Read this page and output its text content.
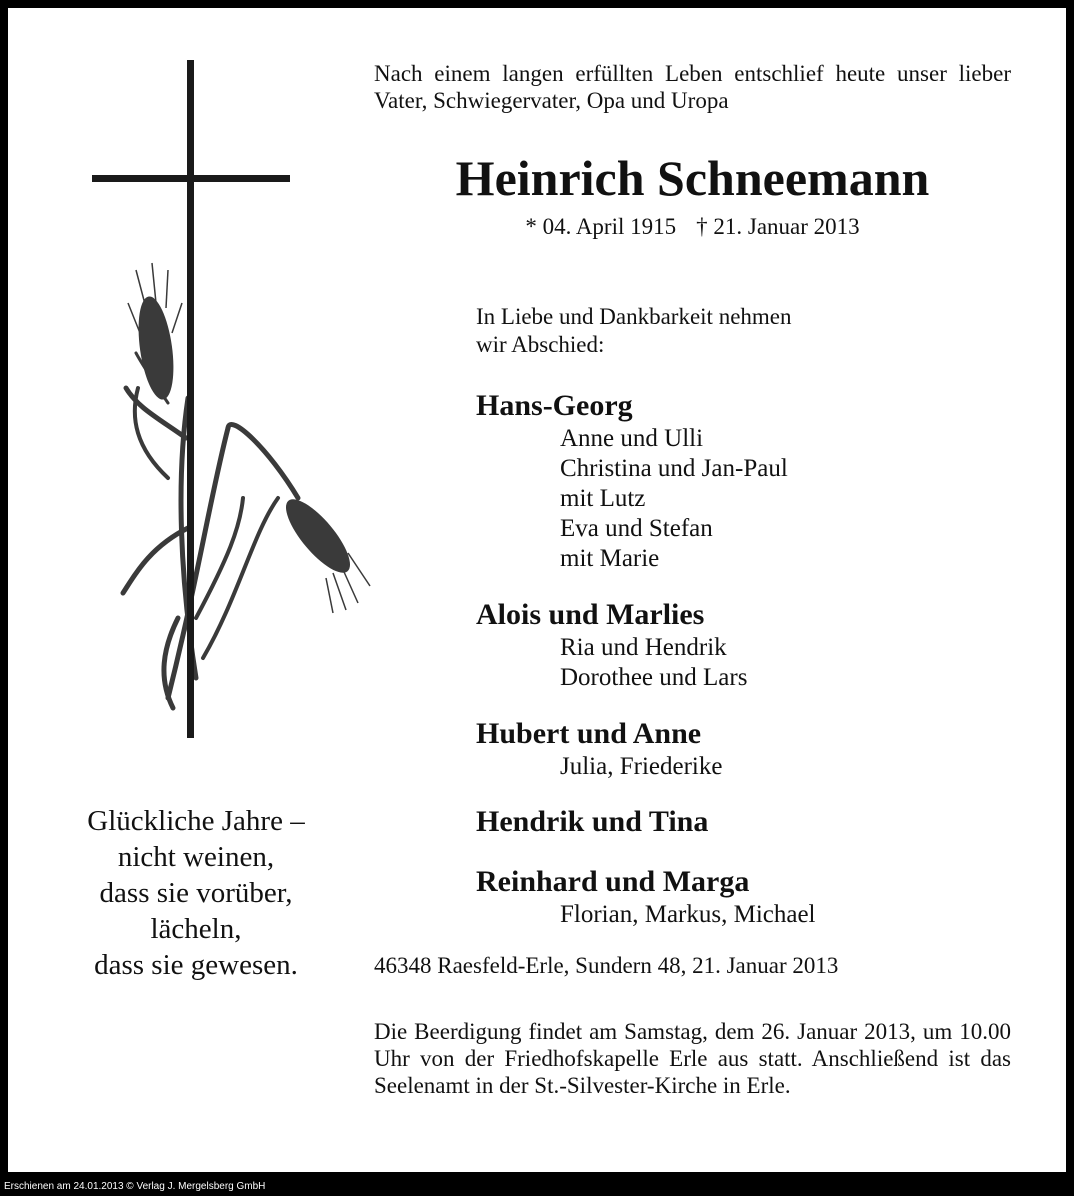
Nach einem langen erfüllten Leben entschlief heute unser lieber Vater, Schwiegervater, Opa und Uropa
Heinrich Schneemann
* 04. April 1915 † 21. Januar 2013
In Liebe und Dankbarkeit nehmen
wir Abschied:
Hans-Georg
Anne und Ulli
Christina und Jan-Paul
mit Lutz
Eva und Stefan
mit Marie
Alois und Marlies
Ria und Hendrik
Dorothee und Lars
Hubert und Anne
Julia, Friederike
Hendrik und Tina
Reinhard und Marga
Florian, Markus, Michael
46348 Raesfeld-Erle, Sundern 48, 21. Januar 2013
Die Beerdigung findet am Samstag, dem 26. Januar 2013, um 10.00 Uhr von der Friedhofskapelle Erle aus statt. Anschließend ist das Seelenamt in der St.-Silvester-Kirche in Erle.
Glückliche Jahre –
nicht weinen,
dass sie vorüber,
lächeln,
dass sie gewesen.
Erschienen am 24.01.2013 © Verlag J. Mergelsberg GmbH
